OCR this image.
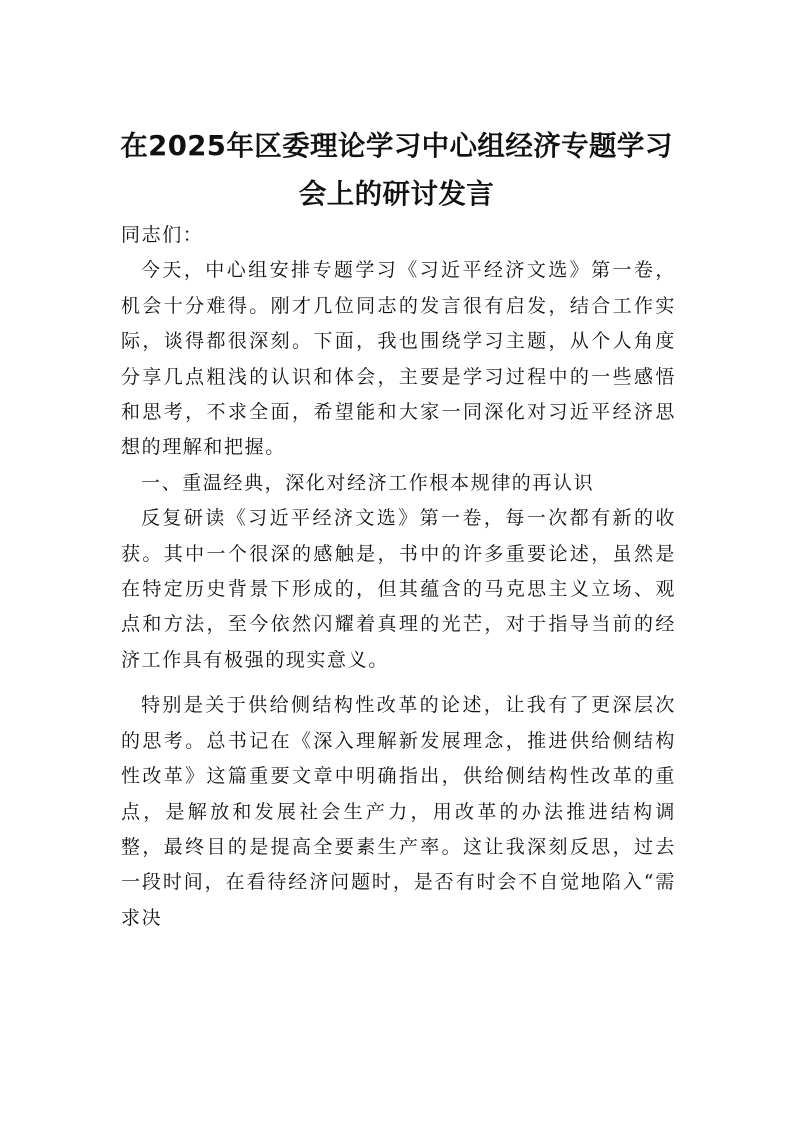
在2025年区委理论学习中心组经济专题学习会上的研讨发言

同志们：

今天，中心组安排专题学习《习近平经济文选》第一卷，机会十分难得。刚才几位同志的发言很有启发，结合工作实际，谈得都很深刻。下面，我也围绕学习主题，从个人角度分享几点粗浅的认识和体会，主要是学习过程中的一些感悟和思考，不求全面，希望能和大家一同深化对习近平经济思想的理解和把握。

一、重温经典，深化对经济工作根本规律的再认识

反复研读《习近平经济文选》第一卷，每一次都有新的收获。其中一个很深的感触是，书中的许多重要论述，虽然是在特定历史背景下形成的，但其蕴含的马克思主义立场、观点和方法，至今依然闪耀着真理的光芒，对于指导当前的经济工作具有极强的现实意义。

特别是关于供给侧结构性改革的论述，让我有了更深层次的思考。总书记在《深入理解新发展理念，推进供给侧结构性改革》这篇重要文章中明确指出，供给侧结构性改革的重点，是解放和发展社会生产力，用改革的办法推进结构调整，最终目的是提高全要素生产率。这让我深刻反思，过去一段时间，在看待经济问题时，是否有时会不自觉地陷入“需求决
